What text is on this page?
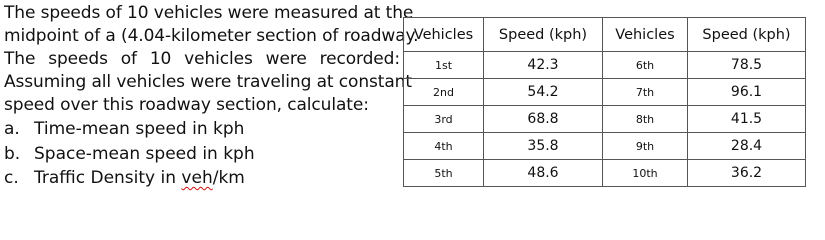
The speeds of 10 vehicles were measured at the
midpoint of a (4.04-kilometer section of roadway.
The speeds of 10 vehicles were recorded:
Assuming all vehicles were traveling at constant
speed over this roadway section, calculate:
a. Time-mean speed in kph
b. Space-mean speed in kph
c. Traffic Density in veh/km
Vehicles	Speed (kph)	Vehicles	Speed (kph)
1st	42.3	6th	78.5
2nd	54.2	7th	96.1
3rd	68.8	8th	41.5
4th	35.8	9th	28.4
5th	48.6	10th	36.2
